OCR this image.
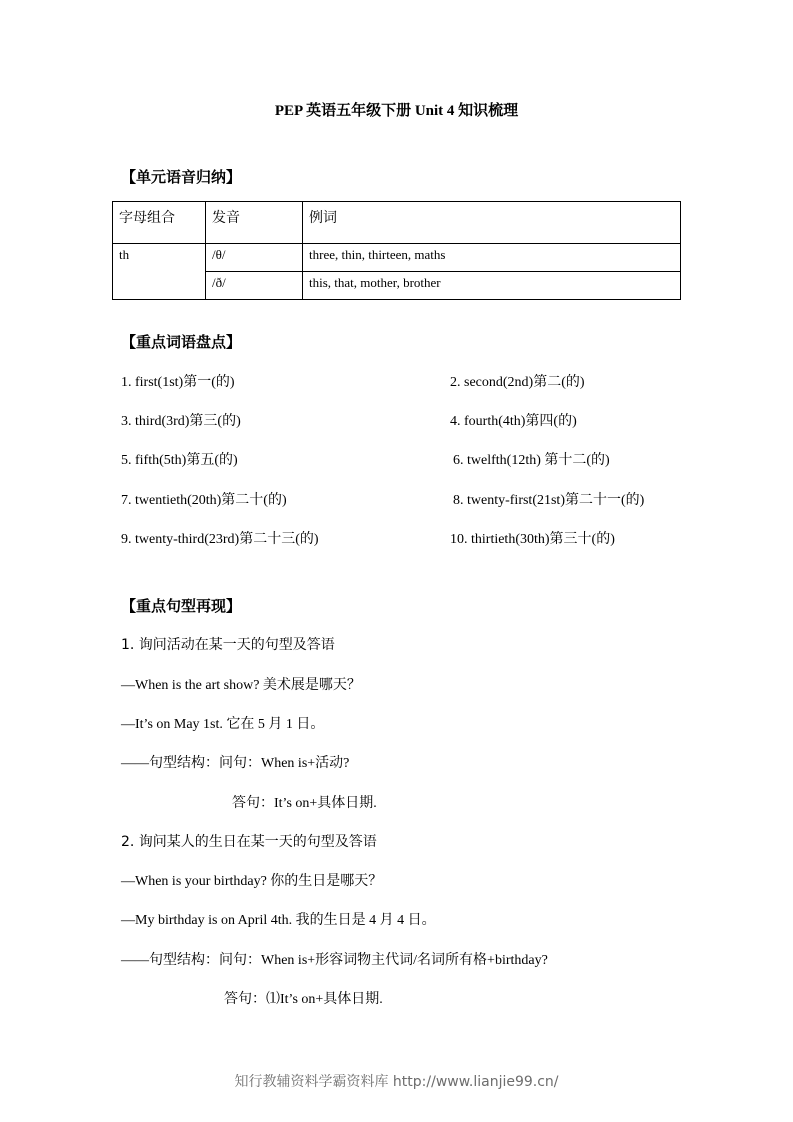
PEP 英语五年级下册 Unit 4 知识梳理
【单元语音归纳】
字母组合	发音	例词
th	/θ/	three, thin, thirteen, maths
	/ð/	this, that, mother, brother
【重点词语盘点】
1. first(1st)第一(的)	2. second(2nd)第二(的)
3. third(3rd)第三(的)	4. fourth(4th)第四(的)
5. fifth(5th)第五(的)	6. twelfth(12th) 第十二(的)
7. twentieth(20th)第二十(的)	8. twenty-first(21st)第二十一(的)
9. twenty-third(23rd)第二十三(的)	10. thirtieth(30th)第三十(的)
【重点句型再现】
1. 询问活动在某一天的句型及答语
—When is the art show? 美术展是哪天？
—It’s on May 1st. 它在 5 月 1 日。
——句型结构：问句：When is+活动?
答句：It’s on+具体日期.
2. 询问某人的生日在某一天的句型及答语
—When is your birthday? 你的生日是哪天？
—My birthday is on April 4th. 我的生日是 4 月 4 日。
——句型结构：问句：When is+形容词物主代词/名词所有格+birthday?
答句：⑴It’s on+具体日期.
知行教辅资料学霸资料库 http://www.lianjie99.cn/
